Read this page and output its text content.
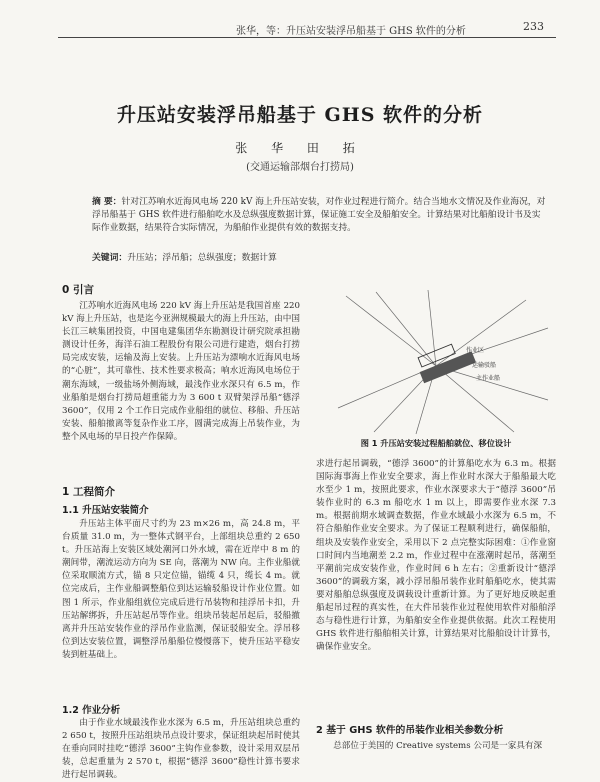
张华，等：升压站安装浮吊船基于 GHS 软件的分析	233
升压站安装浮吊船基于 GHS 软件的分析
张 华 田 拓
(交通运输部烟台打捞局)
摘 要：针对江苏响水近海风电场 220 kV 海上升压站安装，对作业过程进行简介。结合当地水文情况及作业海况，对浮吊船基于 GHS 软件进行船舶吃水及总纵强度数据计算，保证施工安全及船舶安全。计算结果对比船舶设计书及实际作业数据，结果符合实际情况，为船舶作业提供有效的数据支持。
关键词：升压站；浮吊船；总纵强度；数据计算
0 引言
江苏响水近海风电场 220 kV 海上升压站是我国首座 220 kV 海上升压站，也是迄今亚洲规模最大的海上升压站，由中国长江三峡集团投资，中国电建集团华东勘测设计研究院承担勘测设计任务，海洋石油工程股份有限公司进行建造，烟台打捞局完成安装，运输及海上安装。上升压站为漂响水近海风电场的“心脏”，其可靠性、技术性要求极高；响水近海风电场位于潮东海域，一级盐场外侧海域，最浅作业水深只有 6.5 m，作业船舶是烟台打捞局超重能力为 3 600 t 双臂架浮吊船“德浮 3600”，仅用 2 个工作日完成作业船组的就位、移船、升压站安装、船舶撤离等复杂作业工序，圆满完成海上吊装作业，为整个风电场的早日投产作保障。
1 工程简介
1.1 升压站安装简介
升压站主体平面尺寸约为 23 m×26 m，高 24.8 m，平台质量 31.0 m，为一整体式钢平台，上部组块总重约 2 650 t。升压站海上安装区域处潮河口外水域，需在近岸中 8 m 的潮间带，潮流运动方向为 SE 向，落潮为 NW 向。主作业船就位采取顺流方式，锚 8 只定位锚，锚缆 4 只，缆长 4 m。就位完成后，主作业船调整船位到达运输驳船设计作业位置。如图 1 所示，作业船组就位完成后进行吊装物和挂浮吊卡扣，升压站解绑拆，升压站起吊等作业。组块吊装起吊起后，驳船撤离并升压站安装作业的浮吊作业监测，保证驳船安全。浮吊移位到达安装位置，调整浮吊船船位慢慢落下，使升压站平稳安装到桩基础上。
1.2 作业分析
由于作业水域最浅作业水深为 6.5 m，升压站组块总重约 2 650 t，按照升压站组块吊点设计要求，保证组块起吊时使其在垂向同时挂吃“德浮 3600”主钩作业参数，设计采用双层吊装，总起重量为 2 570 t，根据“德浮 3600”稳性计算书要求进行起吊调载。
作业区
运输驳船
主作业船
图 1 升压站安装过程船舶就位、移位设计
求进行起吊调载，“德浮 3600”的计算船吃水为 6.3 m。根据国际海事海上作业安全要求，海上作业时水深大于船船最大吃水至少 1 m，按照此要求，作业水深要求大于“德浮 3600”吊装作业时的 6.3 m 船吃水 1 m 以上，即需要作业水深 7.3 m。根据前期水域调查数据，作业水域最小水深为 6.5 m，不符合船舶作业安全要求。为了保证工程顺利进行，确保船舶，组块及安装作业安全，采用以下 2 点完整实际困难：①作业窗口时间内当地潮差 2.2 m，作业过程中在涨潮时起吊，落潮至平潮前完成安装作业，作业时间 6 h 左右；②重新设计“德浮 3600”的调载方案，减小浮吊船吊装作业时船船吃水，使其需要对船舶总纵强度及调载设计重新计算。为了更好地反映起重船起吊过程的真实性，在大件吊装作业过程使用软件对船舶浮态与稳性进行计算，为船舶安全作业提供依据。此次工程使用 GHS 软件进行船舶相关计算，计算结果对比船舶设计计算书，确保作业安全。
2 基于 GHS 软件的吊装作业相关参数分析
总部位于美国的 Creative systems 公司是一家具有深
